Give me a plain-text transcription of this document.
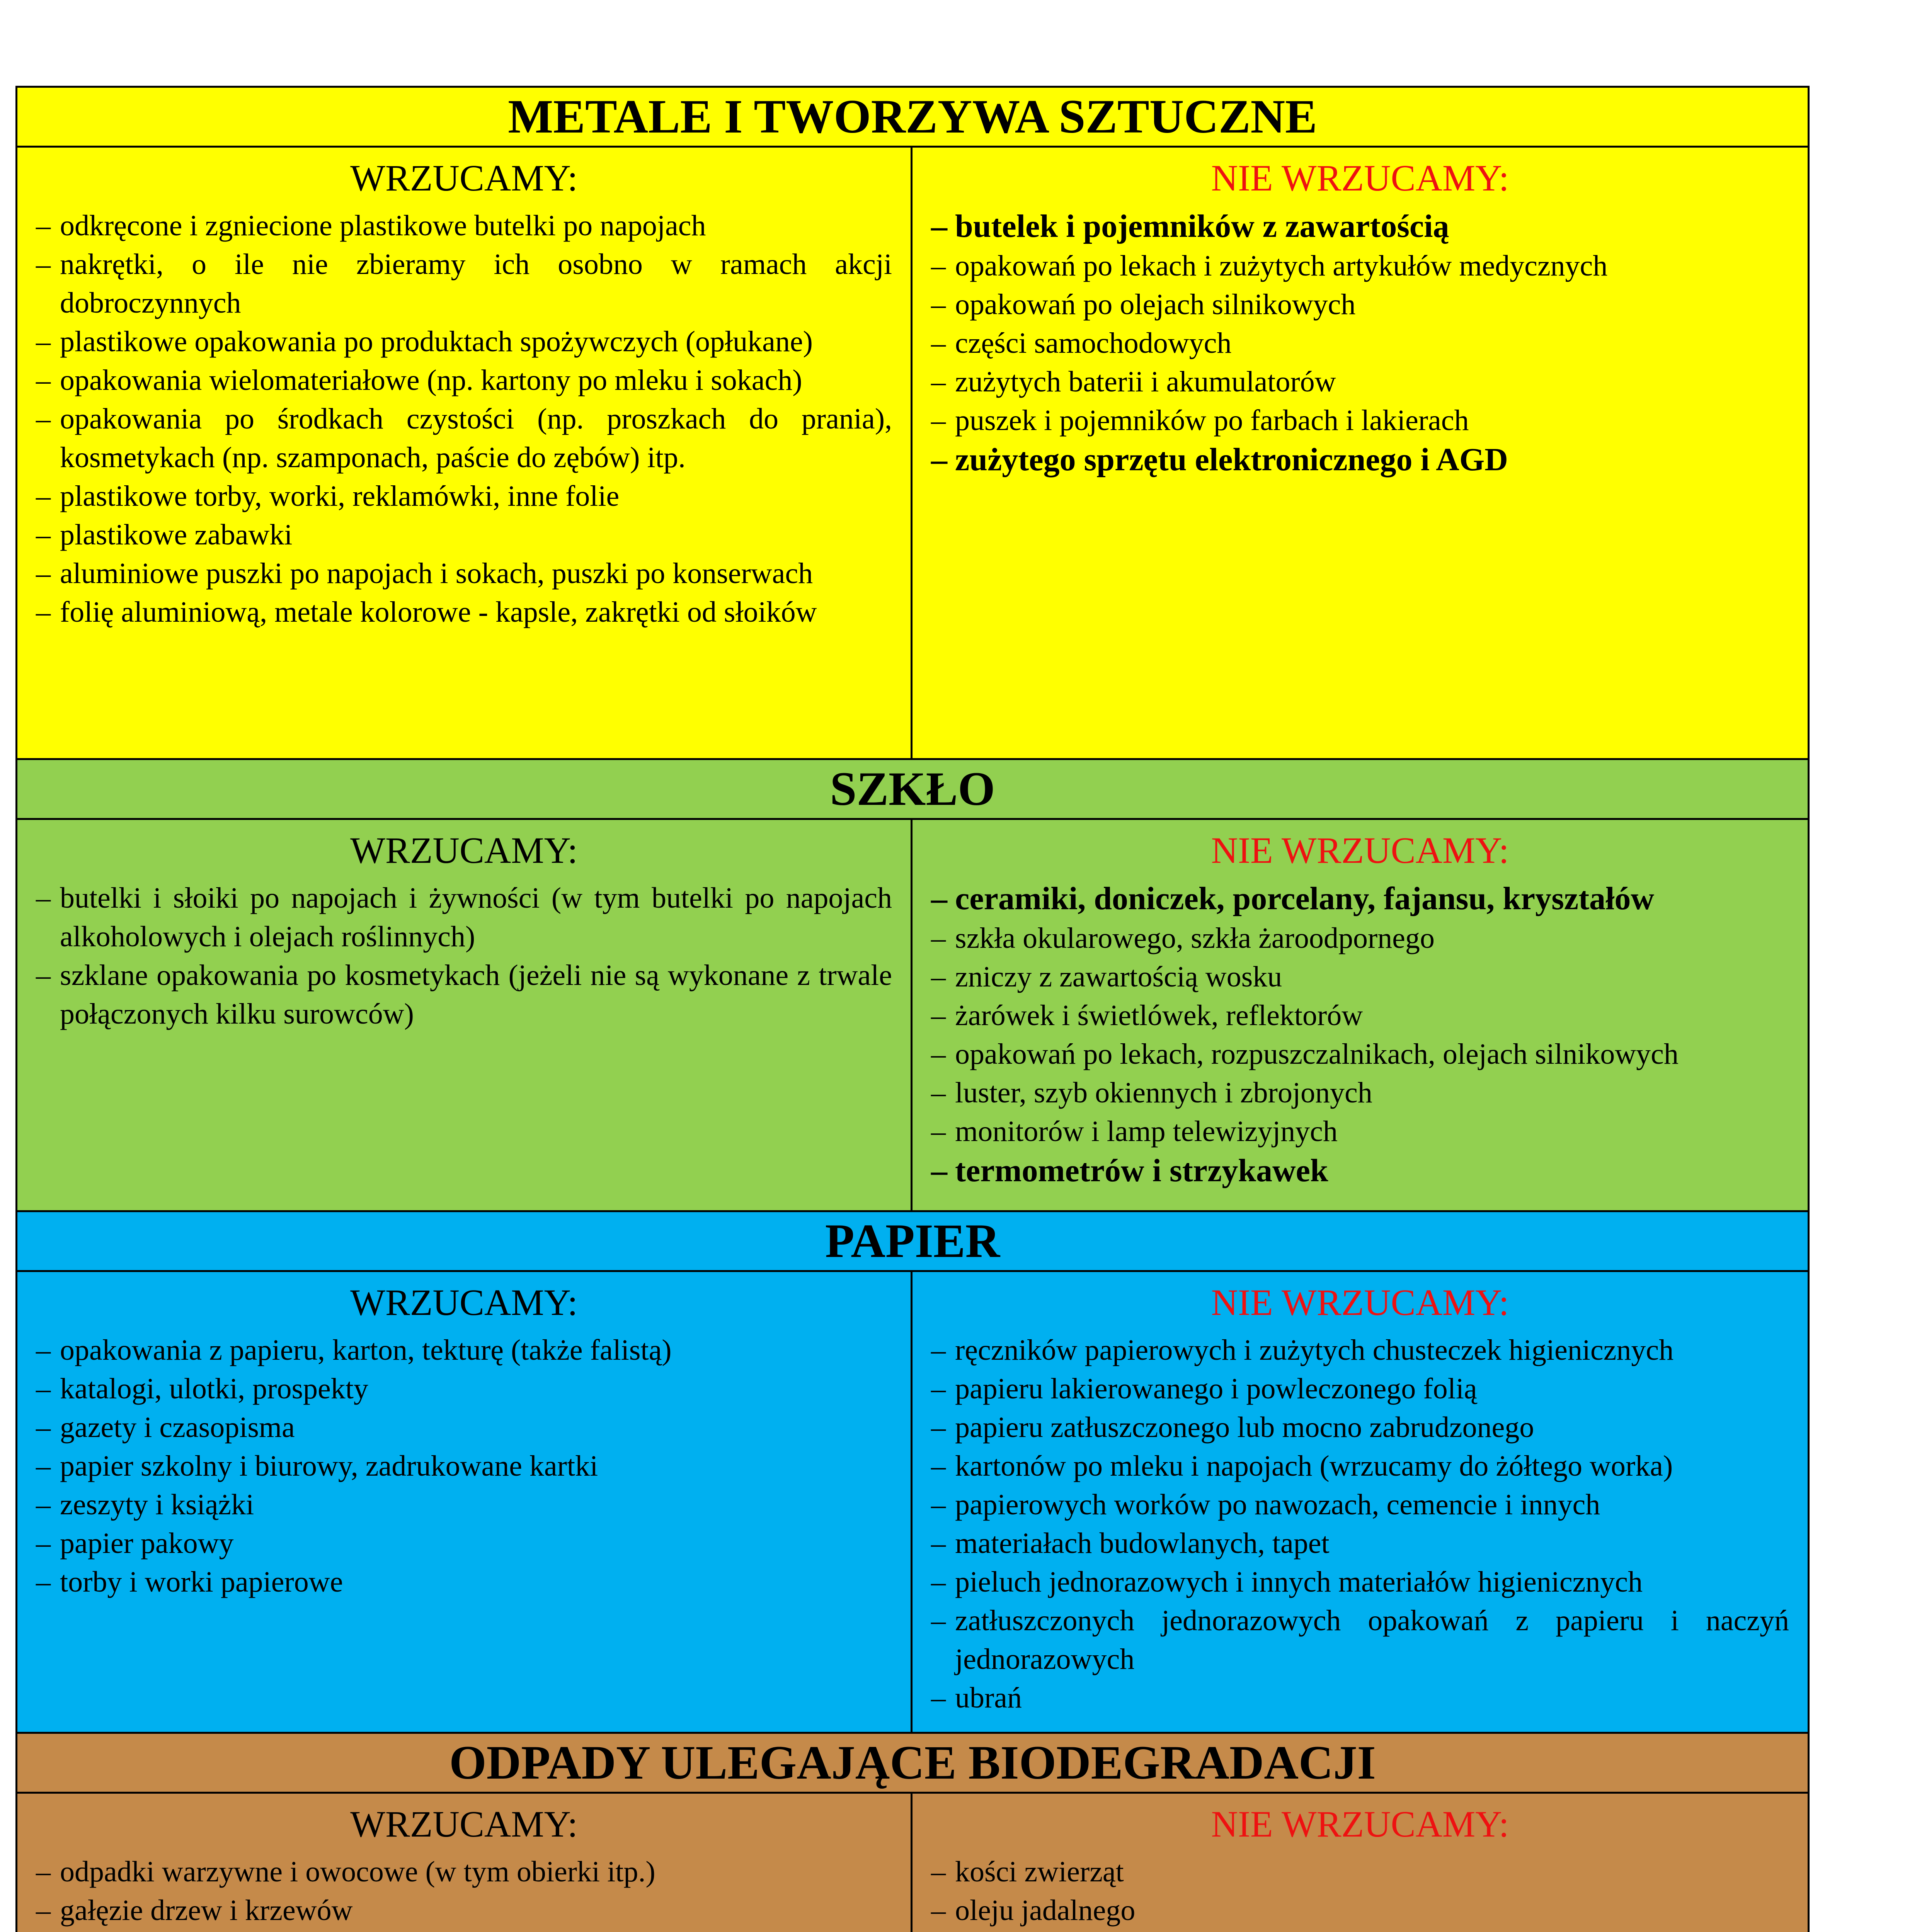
METALE I TWORZYWA SZTUCZNE
WRZUCAMY:
– odkręcone i zgniecione plastikowe butelki po napojach
– nakrętki, o ile nie zbieramy ich osobno w ramach akcji dobroczynnych
– plastikowe opakowania po produktach spożywczych (opłukane)
– opakowania wielomateriałowe (np. kartony po mleku i sokach)
– opakowania po środkach czystości (np. proszkach do prania), kosmetykach (np. szamponach, paście do zębów) itp.
– plastikowe torby, worki, reklamówki, inne folie
– plastikowe zabawki
– aluminiowe puszki po napojach i sokach, puszki po konserwach
– folię aluminiową, metale kolorowe - kapsle, zakrętki od słoików
NIE WRZUCAMY:
– butelek i pojemników z zawartością
– opakowań po lekach i zużytych artykułów medycznych
– opakowań po olejach silnikowych
– części samochodowych
– zużytych baterii i akumulatorów
– puszek i pojemników po farbach i lakierach
– zużytego sprzętu elektronicznego i AGD
SZKŁO
WRZUCAMY:
– butelki i słoiki po napojach i żywności (w tym butelki po napojach alkoholowych i olejach roślinnych)
– szklane opakowania po kosmetykach (jeżeli nie są wykonane z trwale połączonych kilku surowców)
NIE WRZUCAMY:
– ceramiki, doniczek, porcelany, fajansu, kryształów
– szkła okularowego, szkła żaroodpornego
– zniczy z zawartością wosku
– żarówek i świetlówek, reflektorów
– opakowań po lekach, rozpuszczalnikach, olejach silnikowych
– luster, szyb okiennych i zbrojonych
– monitorów i lamp telewizyjnych
– termometrów i strzykawek
PAPIER
WRZUCAMY:
– opakowania z papieru, karton, tekturę (także falistą)
– katalogi, ulotki, prospekty
– gazety i czasopisma
– papier szkolny i biurowy, zadrukowane kartki
– zeszyty i książki
– papier pakowy
– torby i worki papierowe
NIE WRZUCAMY:
– ręczników papierowych i zużytych chusteczek higienicznych
– papieru lakierowanego i powleczonego folią
– papieru zatłuszczonego lub mocno zabrudzonego
– kartonów po mleku i napojach (wrzucamy do żółtego worka)
– papierowych worków po nawozach, cemencie i innych
– materiałach budowlanych, tapet
– pieluch jednorazowych i innych materiałów higienicznych
– zatłuszczonych jednorazowych opakowań z papieru i naczyń jednorazowych
– ubrań
ODPADY ULEGAJĄCE BIODEGRADACJI
WRZUCAMY:
– odpadki warzywne i owocowe (w tym obierki itp.)
– gałęzie drzew i krzewów
–
NIE WRZUCAMY:
– kości zwierząt
– oleju jadalnego
–
